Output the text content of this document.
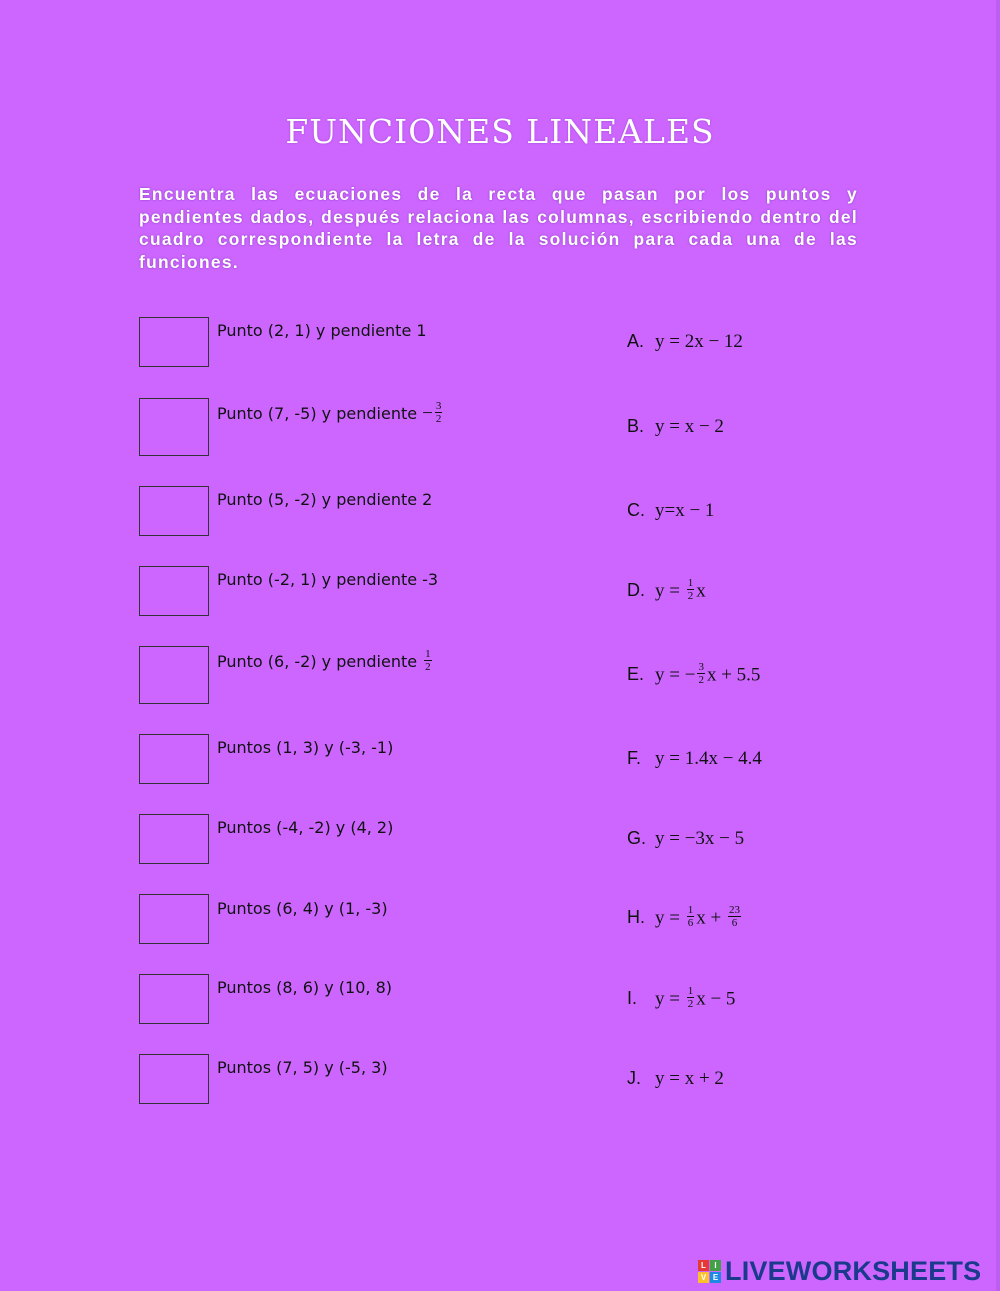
FUNCIONES LINEALES
Encuentra las ecuaciones de la recta que pasan por los puntos y pendientes dados, después relaciona las columnas, escribiendo dentro del cuadro correspondiente la letra de la solución para cada una de las funciones.
Punto (2, 1) y pendiente 1
Punto (7, -5) y pendiente − $\frac{3}{2}$
Punto (5, -2) y pendiente 2
Punto (-2, 1) y pendiente -3
Punto (6, -2) y pendiente $\frac{1}{2}$
Puntos (1, 3) y (-3, -1)
Puntos (-4, -2) y (4, 2)
Puntos (6, 4) y (1, -3)
Puntos (8, 6) y (10, 8)
Puntos (7, 5) y (-5, 3)
A. y = 2x − 12
B. y = x − 2
C. y=x − 1
D. $y = \frac{1}{2}$ x
E. y = − $\frac{3}{2}$ x + 5.5
F. y = 1.4x − 4.4
G. y = −3x − 5
H. $y = \frac{1}{6}$ $x + \frac{23}{6}$
I. $y = \frac{1}{2}$ x − 5
J. y = x + 2
L	I
V E LIVEWORKSHEETS
